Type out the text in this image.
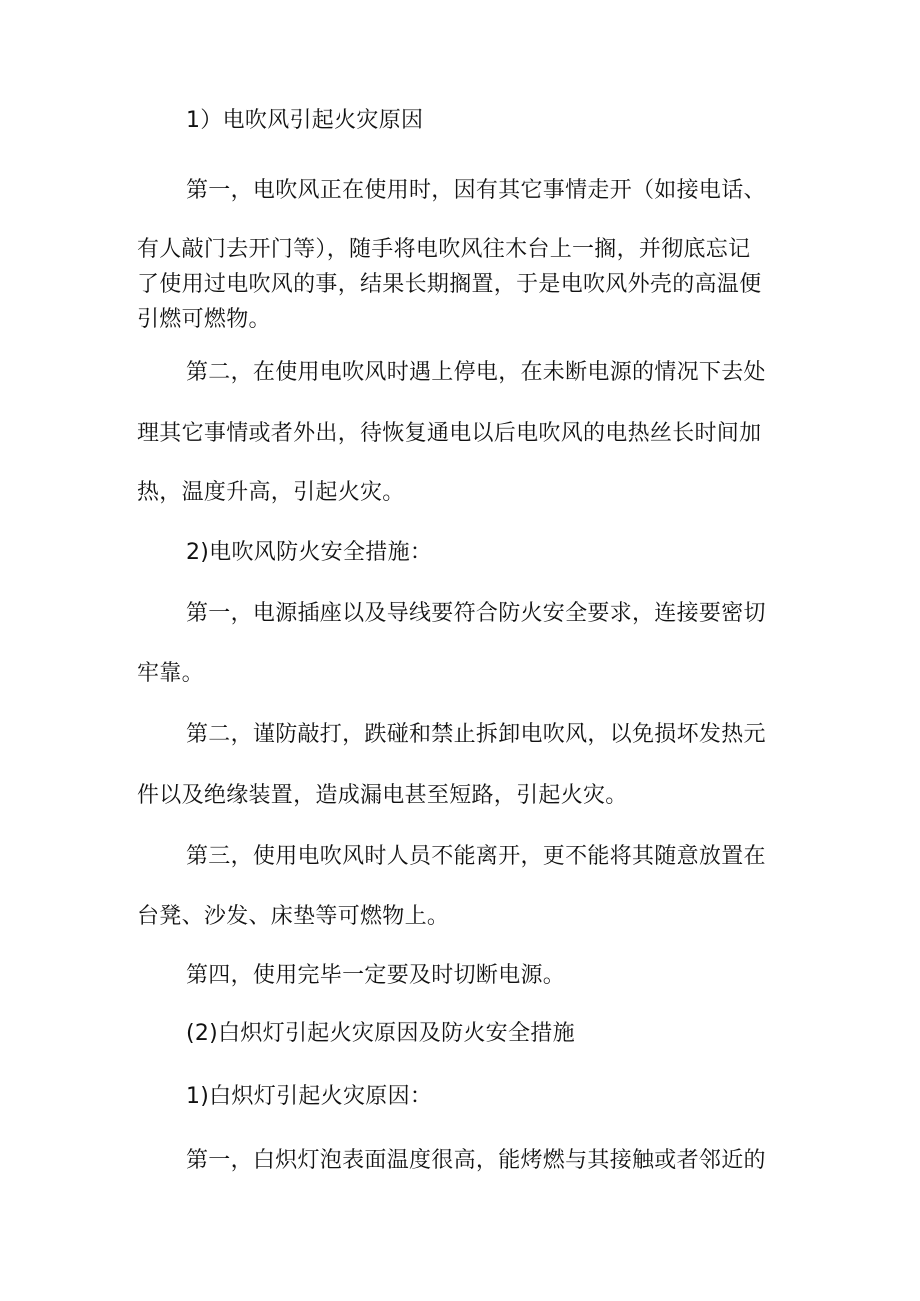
1）电吹风引起火灾原因
第一，电吹风正在使用时，因有其它事情走开（如接电话、
有人敲门去开门等），随手将电吹风往木台上一搁，并彻底忘记
了使用过电吹风的事，结果长期搁置，于是电吹风外壳的高温便
引燃可燃物。
第二，在使用电吹风时遇上停电，在未断电源的情况下去处
理其它事情或者外出，待恢复通电以后电吹风的电热丝长时间加
热，温度升高，引起火灾。
2)电吹风防火安全措施：
第一，电源插座以及导线要符合防火安全要求，连接要密切
牢靠。
第二，谨防敲打，跌碰和禁止拆卸电吹风，以免损坏发热元
件以及绝缘装置，造成漏电甚至短路，引起火灾。
第三，使用电吹风时人员不能离开，更不能将其随意放置在
台凳、沙发、床垫等可燃物上。
第四，使用完毕一定要及时切断电源。
(2)白炽灯引起火灾原因及防火安全措施
1)白炽灯引起火灾原因：
第一，白炽灯泡表面温度很高，能烤燃与其接触或者邻近的
